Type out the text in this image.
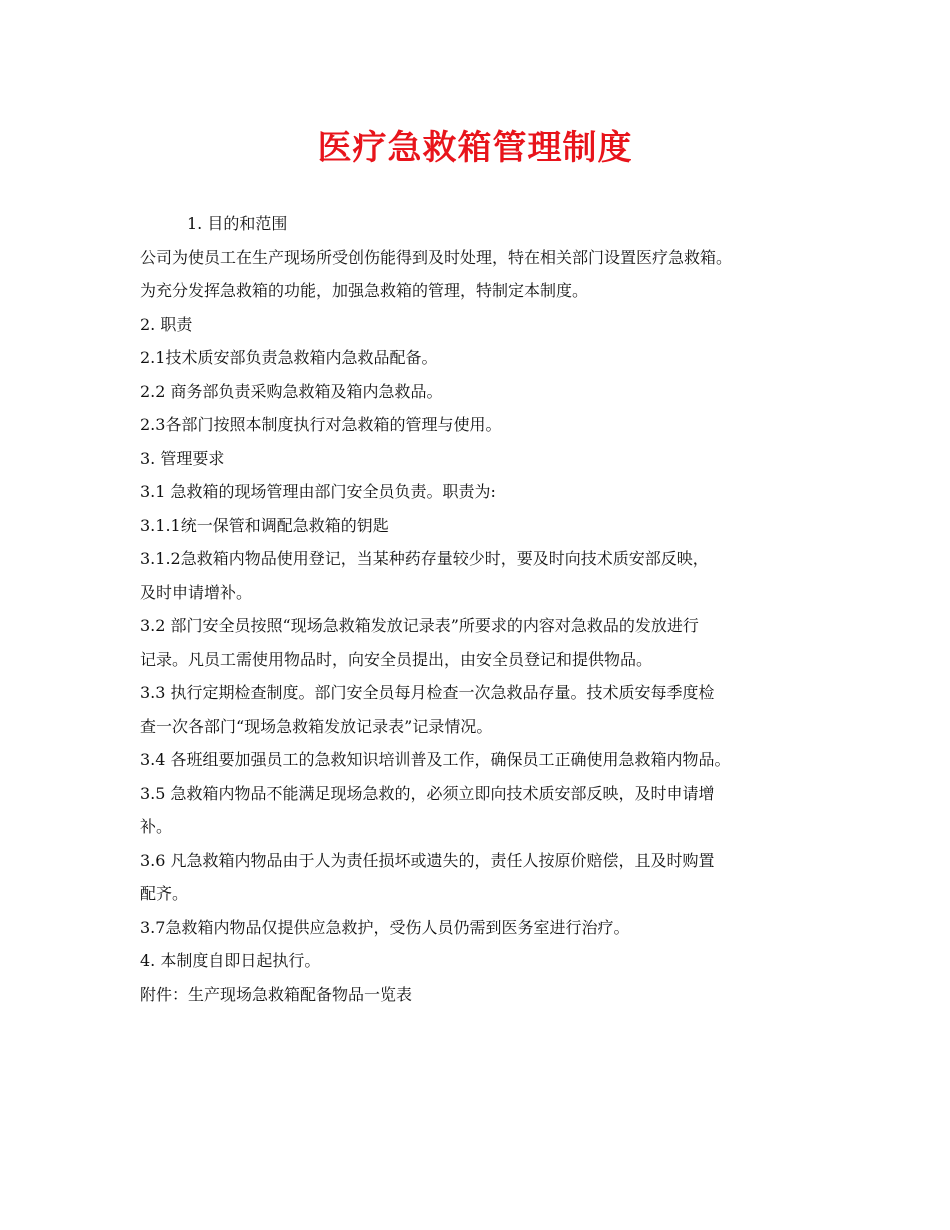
医疗急救箱管理制度
1. 目的和范围
公司为使员工在生产现场所受创伤能得到及时处理，特在相关部门设置医疗急救箱。
为充分发挥急救箱的功能，加强急救箱的管理，特制定本制度。
2. 职责
2.1技术质安部负责急救箱内急救品配备。
2.2 商务部负责采购急救箱及箱内急救品。
2.3各部门按照本制度执行对急救箱的管理与使用。
3. 管理要求
3.1 急救箱的现场管理由部门安全员负责。职责为:
3.1.1统一保管和调配急救箱的钥匙
3.1.2急救箱内物品使用登记，当某种药存量较少时，要及时向技术质安部反映，
及时申请增补。
3.2 部门安全员按照“现场急救箱发放记录表”所要求的内容对急救品的发放进行
记录。凡员工需使用物品时，向安全员提出，由安全员登记和提供物品。
3.3 执行定期检查制度。部门安全员每月检查一次急救品存量。技术质安每季度检
查一次各部门“现场急救箱发放记录表”记录情况。
3.4 各班组要加强员工的急救知识培训普及工作，确保员工正确使用急救箱内物品。
3.5 急救箱内物品不能满足现场急救的，必须立即向技术质安部反映，及时申请增
补。
3.6 凡急救箱内物品由于人为责任损坏或遗失的，责任人按原价赔偿，且及时购置
配齐。
3.7急救箱内物品仅提供应急救护，受伤人员仍需到医务室进行治疗。
4. 本制度自即日起执行。
附件：生产现场急救箱配备物品一览表
